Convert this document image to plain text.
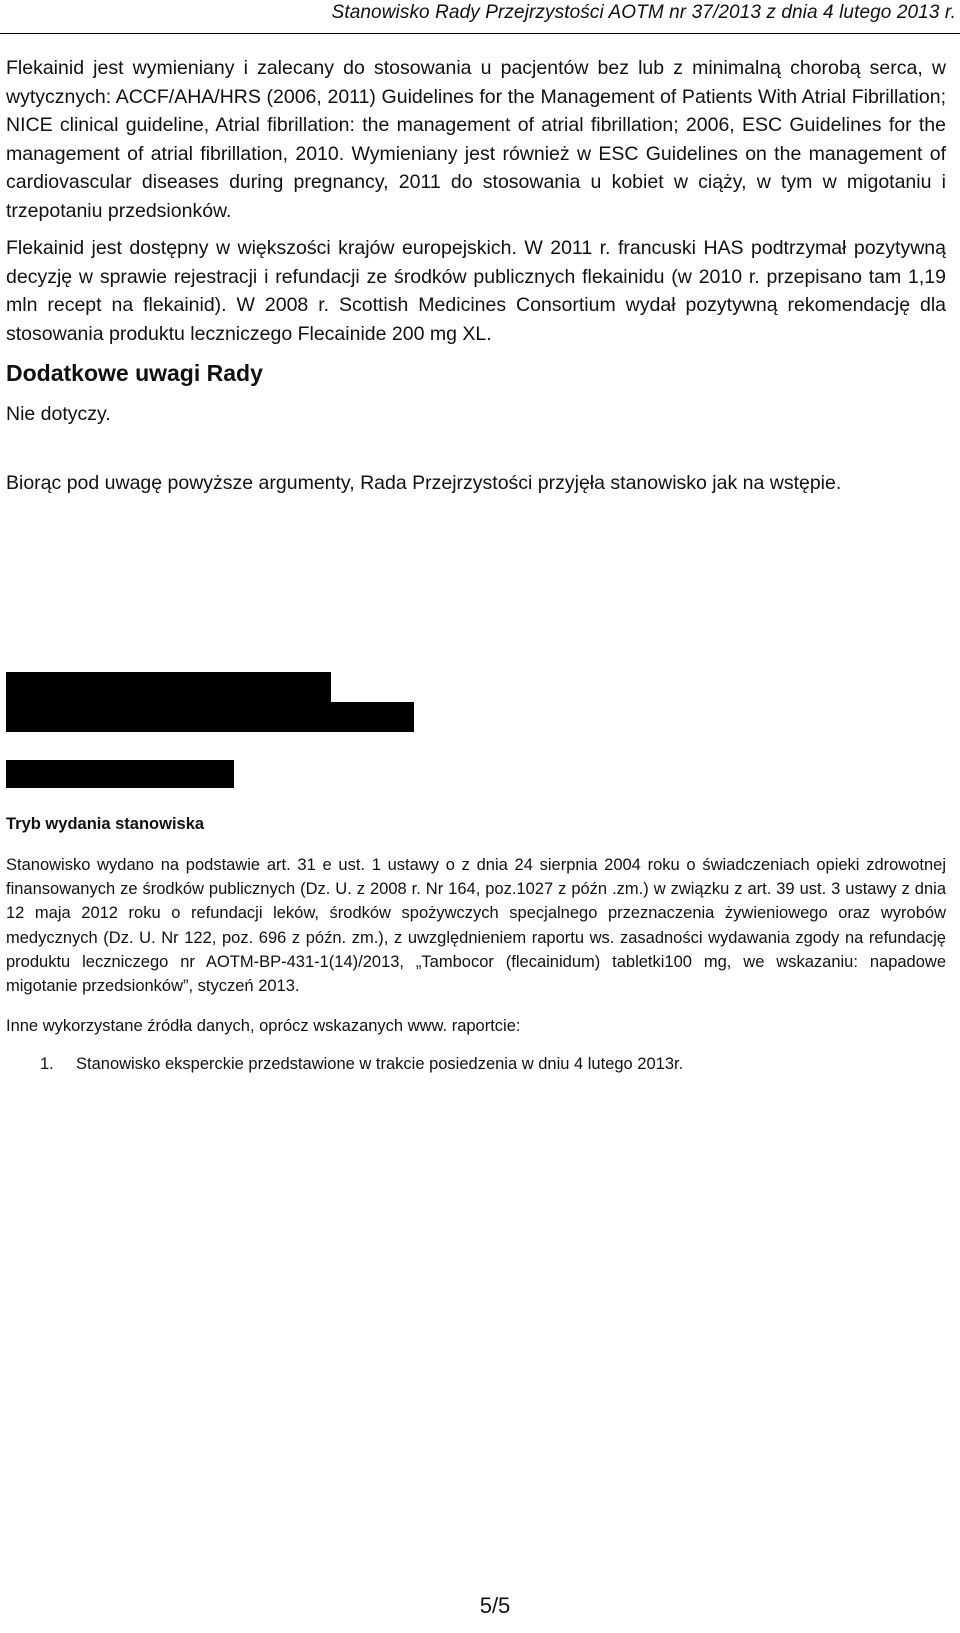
Stanowisko Rady Przejrzystości AOTM nr 37/2013 z dnia 4 lutego 2013 r.
Flekainid jest wymieniany i zalecany do stosowania u pacjentów bez lub z minimalną chorobą serca, w wytycznych: ACCF/AHA/HRS (2006, 2011) Guidelines for the Management of Patients With Atrial Fibrillation; NICE clinical guideline, Atrial fibrillation: the management of atrial fibrillation; 2006, ESC Guidelines for the management of atrial fibrillation, 2010. Wymieniany jest również w ESC Guidelines on the management of cardiovascular diseases during pregnancy, 2011 do stosowania u kobiet w ciąży, w tym w migotaniu i trzepotaniu przedsionków.
Flekainid jest dostępny w większości krajów europejskich. W 2011 r. francuski HAS podtrzymał pozytywną decyzję w sprawie rejestracji i refundacji ze środków publicznych flekainidu (w 2010 r. przepisano tam 1,19 mln recept na flekainid). W 2008 r. Scottish Medicines Consortium wydał pozytywną rekomendację dla stosowania produktu leczniczego Flecainide 200 mg XL.
Dodatkowe uwagi Rady
Nie dotyczy.
Biorąc pod uwagę powyższe argumenty, Rada Przejrzystości przyjęła stanowisko jak na wstępie.
Tryb wydania stanowiska
Stanowisko wydano na podstawie art. 31 e ust. 1 ustawy o z dnia 24 sierpnia 2004 roku o świadczeniach opieki zdrowotnej finansowanych ze środków publicznych (Dz. U. z 2008 r. Nr 164, poz.1027 z późn .zm.) w związku z art. 39 ust. 3 ustawy z dnia 12 maja 2012 roku o refundacji leków, środków spożywczych specjalnego przeznaczenia żywieniowego oraz wyrobów medycznych (Dz. U. Nr 122, poz. 696 z późn. zm.), z uwzględnieniem raportu ws. zasadności wydawania zgody na refundację produktu leczniczego nr AOTM-BP-431-1(14)/2013, „Tambocor (flecainidum) tabletki100 mg, we wskazaniu: napadowe migotanie przedsionków”, styczeń 2013.
Inne wykorzystane źródła danych, oprócz wskazanych www. raportcie:
1. Stanowisko eksperckie przedstawione w trakcie posiedzenia w dniu 4 lutego 2013r.
5/5
